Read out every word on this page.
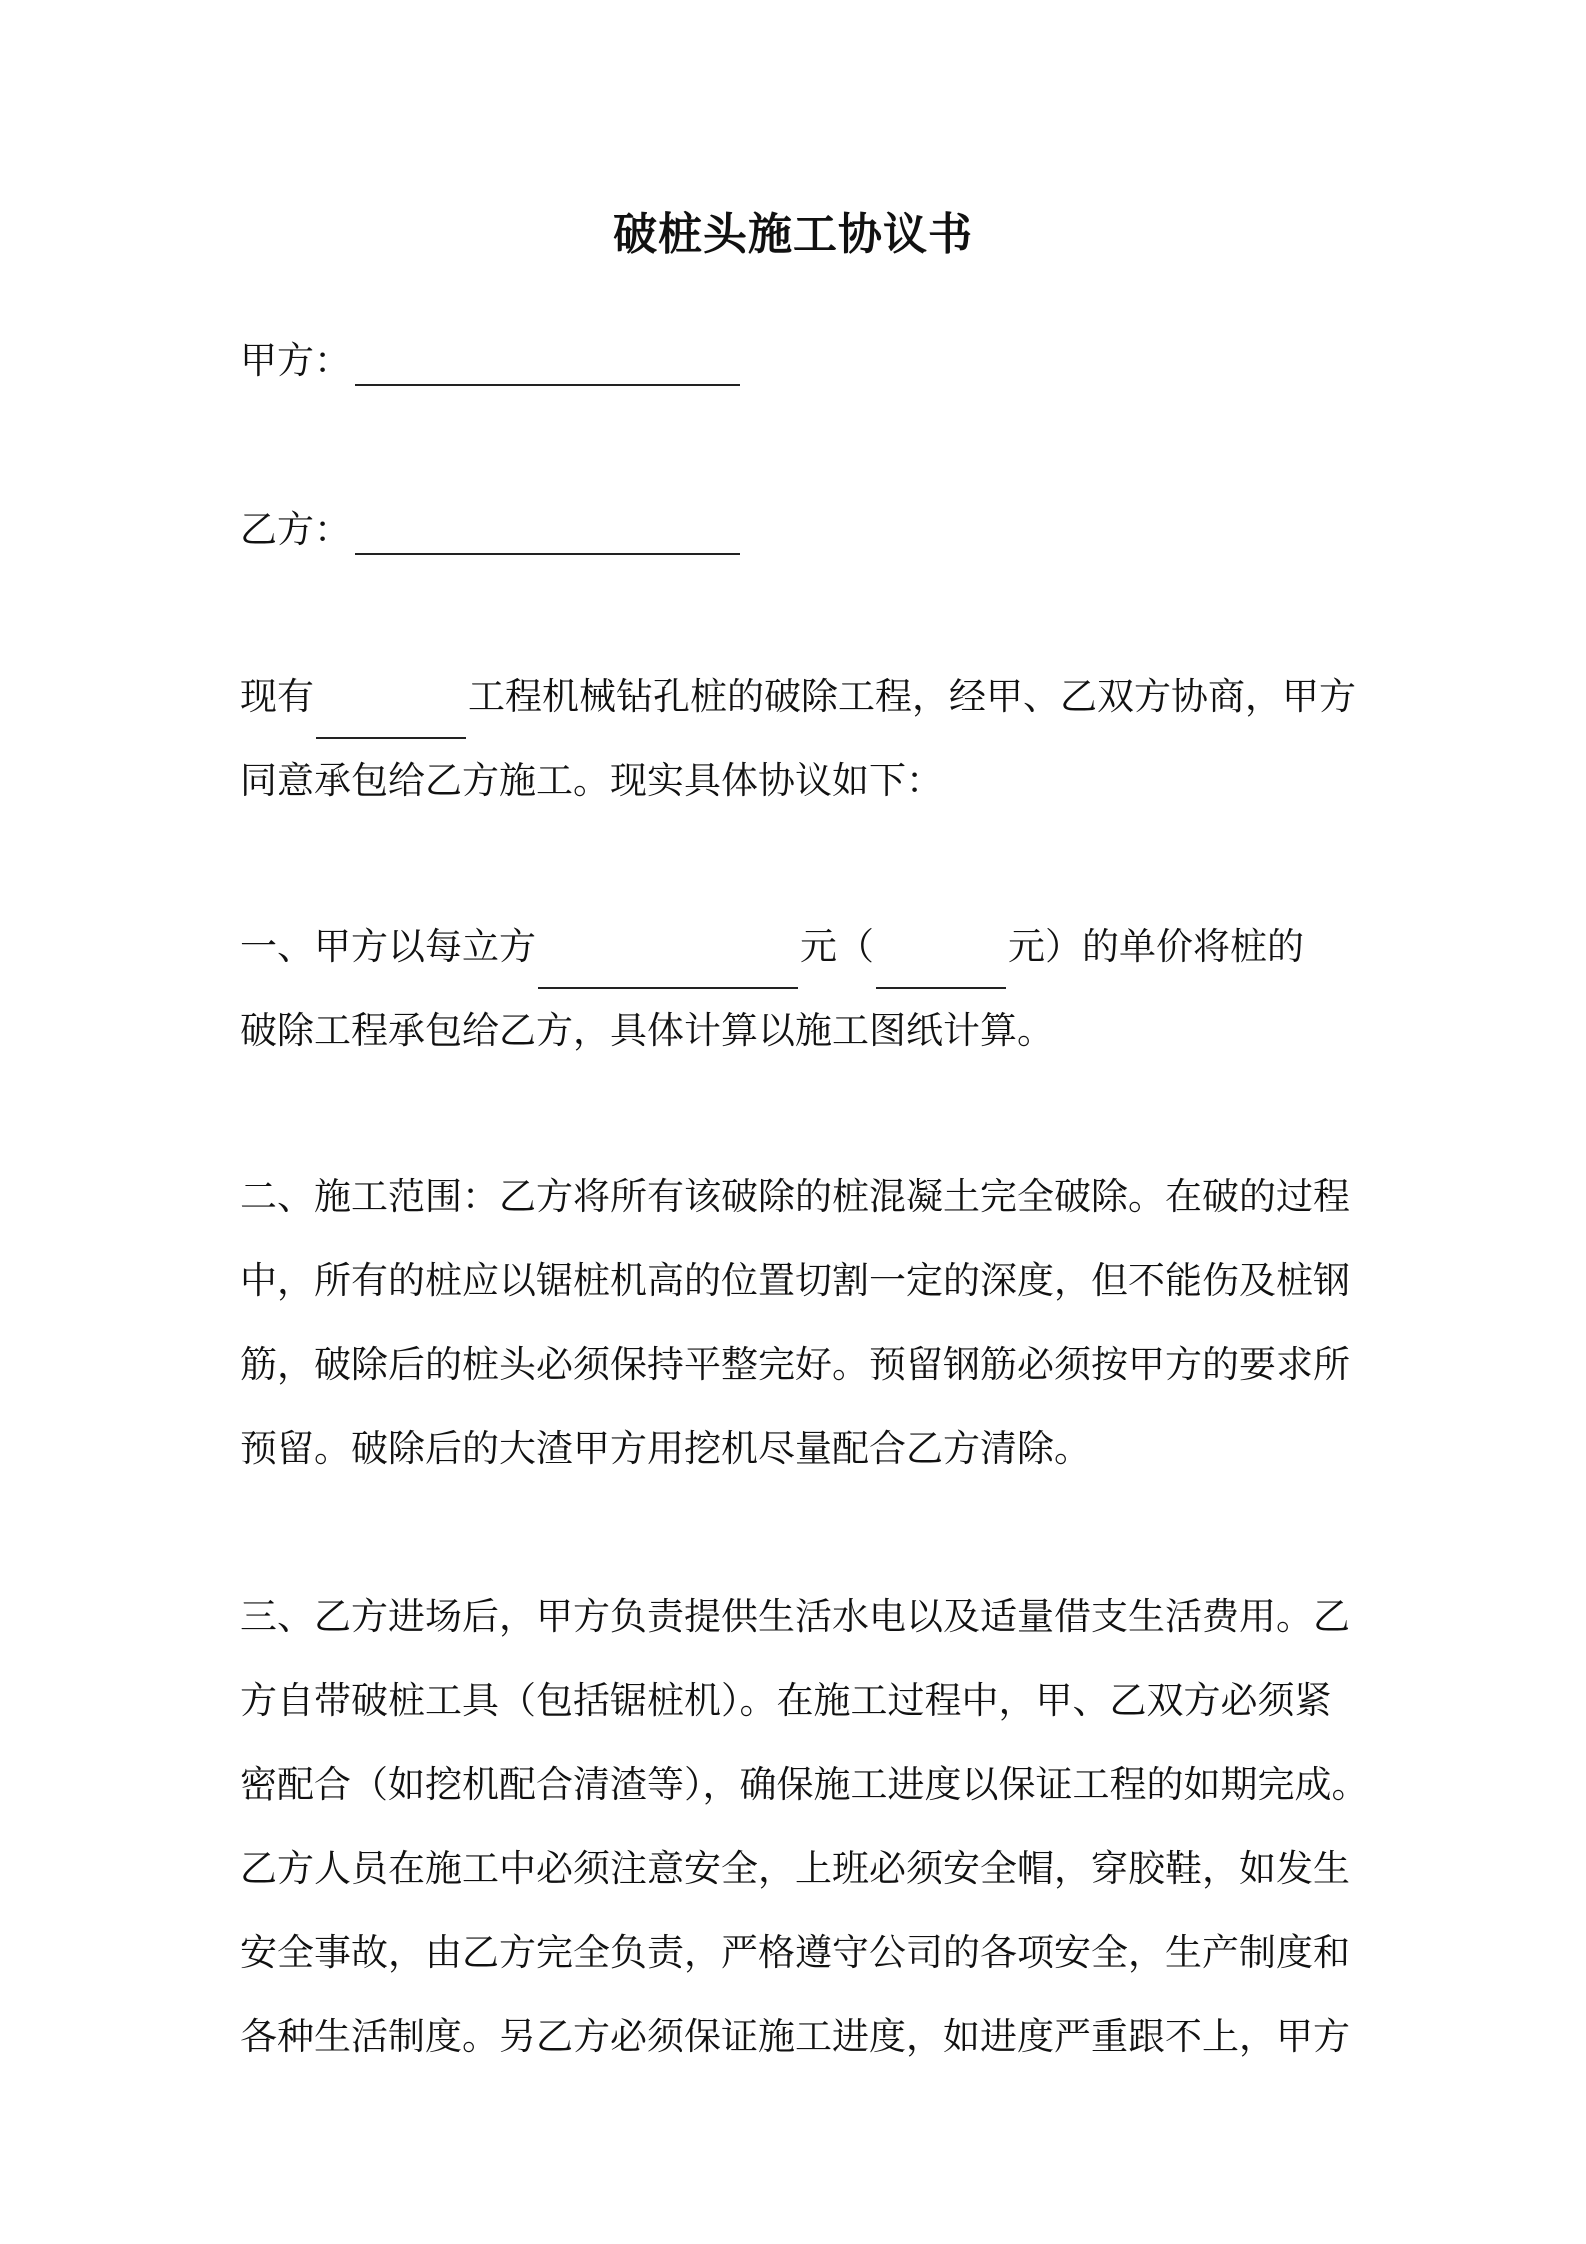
破桩头施工协议书
甲方：
乙方：
现有	工程机械钻孔桩的破除工程，经甲、乙双方协商，甲方
同意承包给乙方施工。现实具体协议如下：
一、甲方以每立方	元（	元）的单价将桩的
破除工程承包给乙方，具体计算以施工图纸计算。
二、施工范围：乙方将所有该破除的桩混凝土完全破除。在破的过程
中，所有的桩应以锯桩机高的位置切割一定的深度，但不能伤及桩钢
筋，破除后的桩头必须保持平整完好。预留钢筋必须按甲方的要求所
预留。破除后的大渣甲方用挖机尽量配合乙方清除。
三、乙方进场后，甲方负责提供生活水电以及适量借支生活费用。乙
方自带破桩工具（包括锯桩机）。在施工过程中，甲、乙双方必须紧
密配合（如挖机配合清渣等），确保施工进度以保证工程的如期完成。
乙方人员在施工中必须注意安全，上班必须安全帽，穿胶鞋，如发生
安全事故，由乙方完全负责，严格遵守公司的各项安全，生产制度和
各种生活制度。另乙方必须保证施工进度，如进度严重跟不上，甲方
